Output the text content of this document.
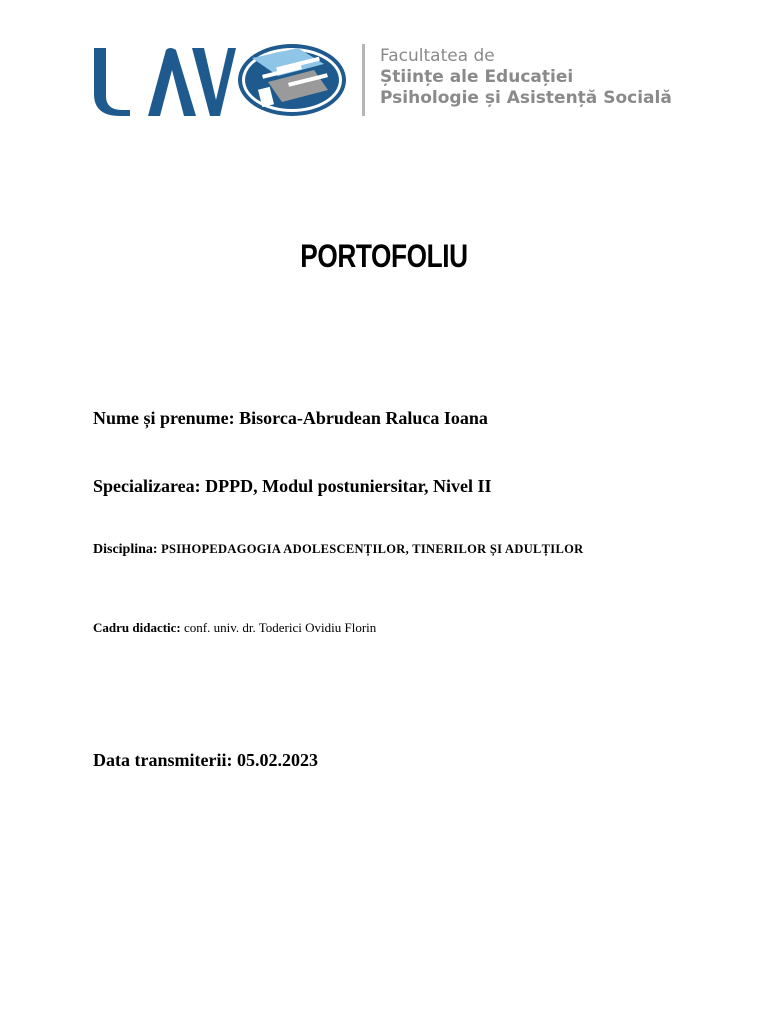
Facultatea de
Științe ale Educației
Psihologie și Asistență Socială
PORTOFOLIU
Nume și prenume: Bisorca-Abrudean Raluca Ioana
Specializarea: DPPD, Modul postuniersitar, Nivel II
Disciplina: PSIHOPEDAGOGIA ADOLESCENȚILOR, TINERILOR ȘI ADULȚILOR
Cadru didactic: conf. univ. dr. Toderici Ovidiu Florin
Data transmiterii: 05.02.2023
